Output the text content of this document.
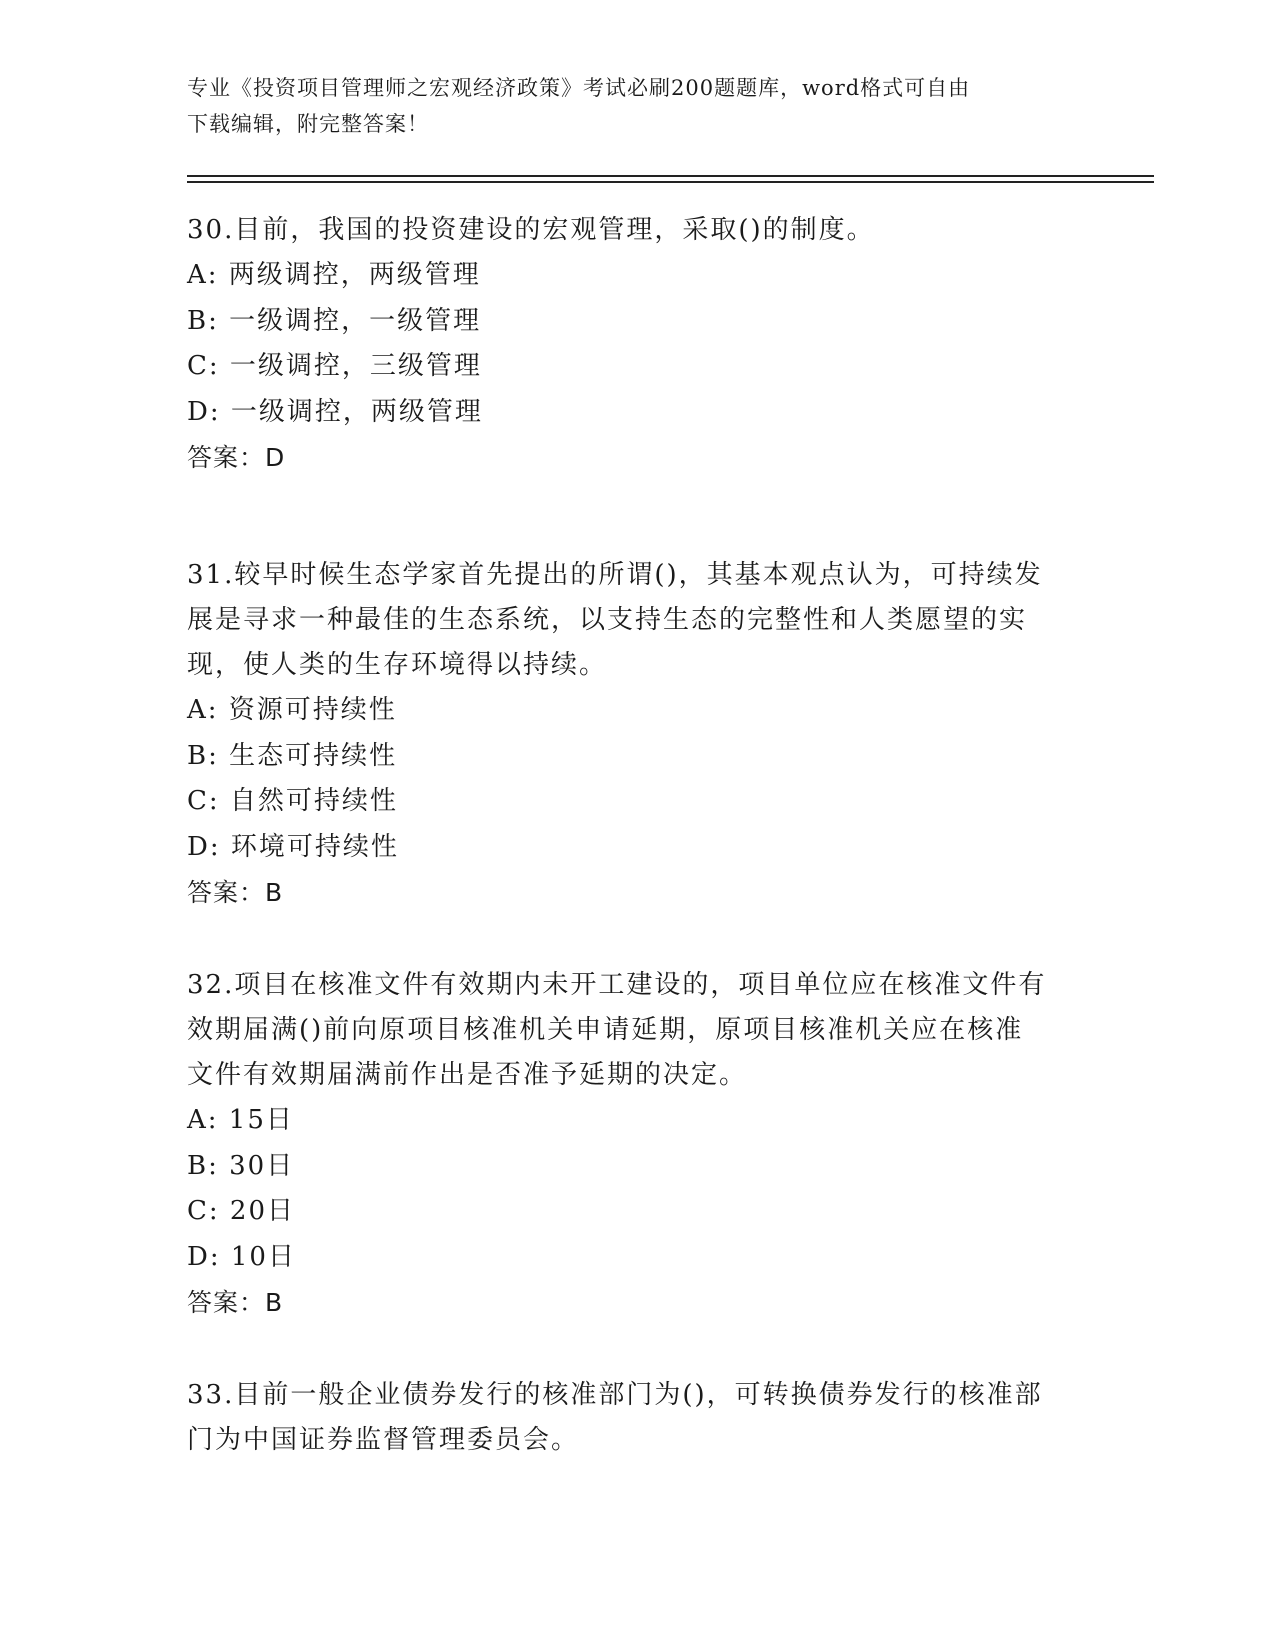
专业《投资项目管理师之宏观经济政策》考试必刷200题题库，word格式可自由
下载编辑，附完整答案！
30.目前，我国的投资建设的宏观管理，采取()的制度。
A: 两级调控，两级管理
B: 一级调控，一级管理
C: 一级调控，三级管理
D: 一级调控，两级管理
答案：D
31.较早时候生态学家首先提出的所谓()，其基本观点认为，可持续发
展是寻求一种最佳的生态系统，以支持生态的完整性和人类愿望的实
现，使人类的生存环境得以持续。
A: 资源可持续性
B: 生态可持续性
C: 自然可持续性
D: 环境可持续性
答案：B
32.项目在核准文件有效期内未开工建设的，项目单位应在核准文件有
效期届满()前向原项目核准机关申请延期，原项目核准机关应在核准
文件有效期届满前作出是否准予延期的决定。
A: 15日
B: 30日
C: 20日
D: 10日
答案：B
33.目前一般企业债券发行的核准部门为()，可转换债券发行的核准部
门为中国证券监督管理委员会。
